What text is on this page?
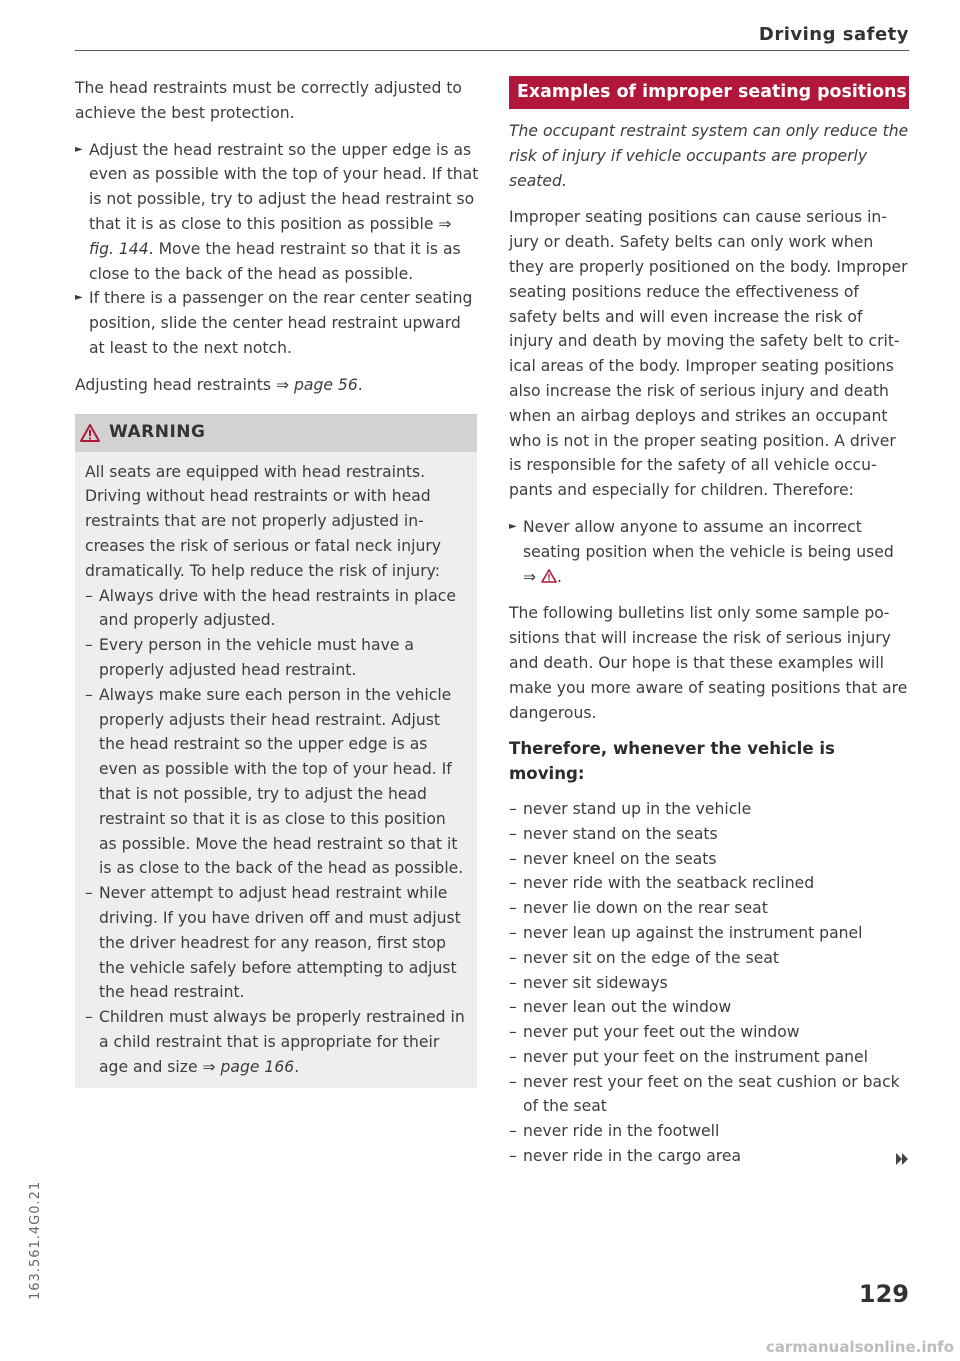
Driving safety

The head restraints must be correctly adjusted to achieve the best protection.

► Adjust the head restraint so the upper edge is as even as possible with the top of your head. If that is not possible, try to adjust the head restraint so that it is as close to this position as possible ⇒ fig. 144. Move the head restraint so that it is as close to the back of the head as possible.

► If there is a passenger on the rear center seating position, slide the center head restraint upward at least to the next notch.

Adjusting head restraints ⇒ page 56.

WARNING

All seats are equipped with head restraints. Driving without head restraints or with head restraints that are not properly adjusted increases the risk of serious or fatal neck injury dramatically. To help reduce the risk of injury:

– Always drive with the head restraints in place and properly adjusted.

– Every person in the vehicle must have a properly adjusted head restraint.

– Always make sure each person in the vehicle properly adjusts their head restraint. Adjust the head restraint so the upper edge is as even as possible with the top of your head. If that is not possible, try to adjust the head restraint so that it is as close to this position as possible. Move the head restraint so that it is as close to the back of the head as possible.

– Never attempt to adjust head restraint while driving. If you have driven off and must adjust the driver headrest for any reason, first stop the vehicle safely before attempting to adjust the head restraint.

– Children must always be properly restrained in a child restraint that is appropriate for their age and size ⇒ page 166.

Examples of improper seating positions

The occupant restraint system can only reduce the risk of injury if vehicle occupants are properly seated.

Improper seating positions can cause serious injury or death. Safety belts can only work when they are properly positioned on the body. Improper seating positions reduce the effectiveness of safety belts and will even increase the risk of injury and death by moving the safety belt to critical areas of the body. Improper seating positions also increase the risk of serious injury and death when an airbag deploys and strikes an occupant who is not in the proper seating position. A driver is responsible for the safety of all vehicle occupants and especially for children. Therefore:

► Never allow anyone to assume an incorrect seating position when the vehicle is being used
⇒ .

The following bulletins list only some sample positions that will increase the risk of serious injury and death. Our hope is that these examples will make you more aware of seating positions that are dangerous.

Therefore, whenever the vehicle is moving:

– never stand up in the vehicle

– never stand on the seats

– never kneel on the seats

– never ride with the seatback reclined

– never lie down on the rear seat

– never lean up against the instrument panel

– never sit on the edge of the seat

– never sit sideways

– never lean out the window

– never put your feet out the window

– never put your feet on the instrument panel

– never rest your feet on the seat cushion or back of the seat

– never ride in the footwell

– never ride in the cargo area

163.561.4G0.21	129
carmanualsonline.info
